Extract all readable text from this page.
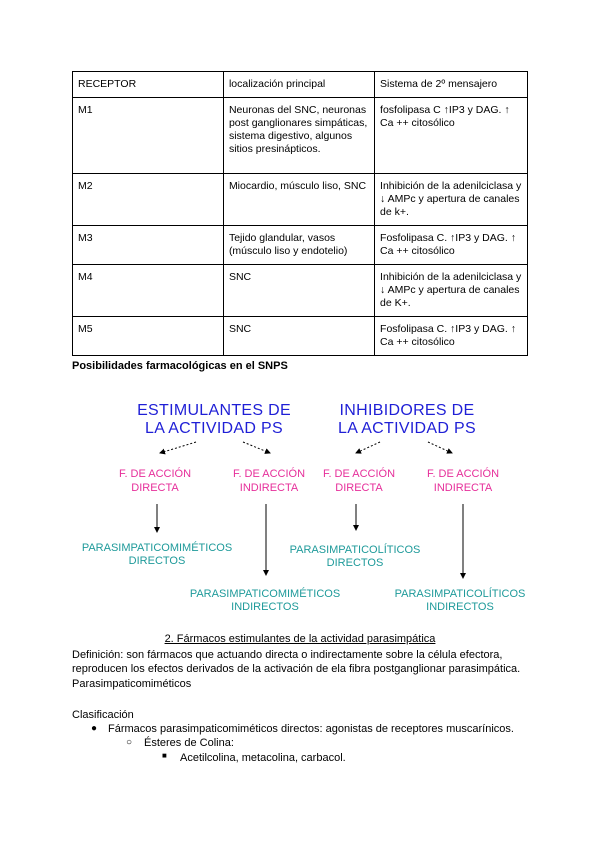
RECEPTOR	localización principal	Sistema de 2º mensajero
M1	Neuronas del SNC, neuronas post ganglionares simpáticas, sistema digestivo, algunos sitios presinápticos.	fosfolipasa C ↑IP3 y DAG. ↑ Ca ++ citosólico
M2	Miocardio, músculo liso, SNC	Inhibición de la adenilciclasa y ↓ AMPc y apertura de canales de k+.
M3	Tejido glandular, vasos (músculo liso y endotelio)	Fosfolipasa C. ↑IP3 y DAG. ↑ Ca ++ citosólico
M4	SNC	Inhibición de la adenilciclasa y ↓ AMPc y apertura de canales de K+.
M5	SNC	Fosfolipasa C. ↑IP3 y DAG. ↑ Ca ++ citosólico
Posibilidades farmacológicas en el SNPS
ESTIMULANTES DE
LA ACTIVIDAD PS
INHIBIDORES DE
LA ACTIVIDAD PS
F. DE ACCIÓN
DIRECTA
F. DE ACCIÓN
INDIRECTA
F. DE ACCIÓN
DIRECTA
F. DE ACCIÓN
INDIRECTA
PARASIMPATICOMIMÉTICOS
DIRECTOS
PARASIMPATICOLÍTICOS
DIRECTOS
PARASIMPATICOMIMÉTICOS
INDIRECTOS
PARASIMPATICOLÍTICOS
INDIRECTOS
2. Fármacos estimulantes de la actividad parasimpática
Definición: son fármacos que actuando directa o indirectamente sobre la célula efectora,
reproducen los efectos derivados de la activación de ela fibra postganglionar parasimpática.
Parasimpaticomiméticos
Clasificación
● Fármacos parasimpaticomiméticos directos: agonistas de receptores muscarínicos.
○ Ésteres de Colina:
■ Acetilcolina, metacolina, carbacol.
